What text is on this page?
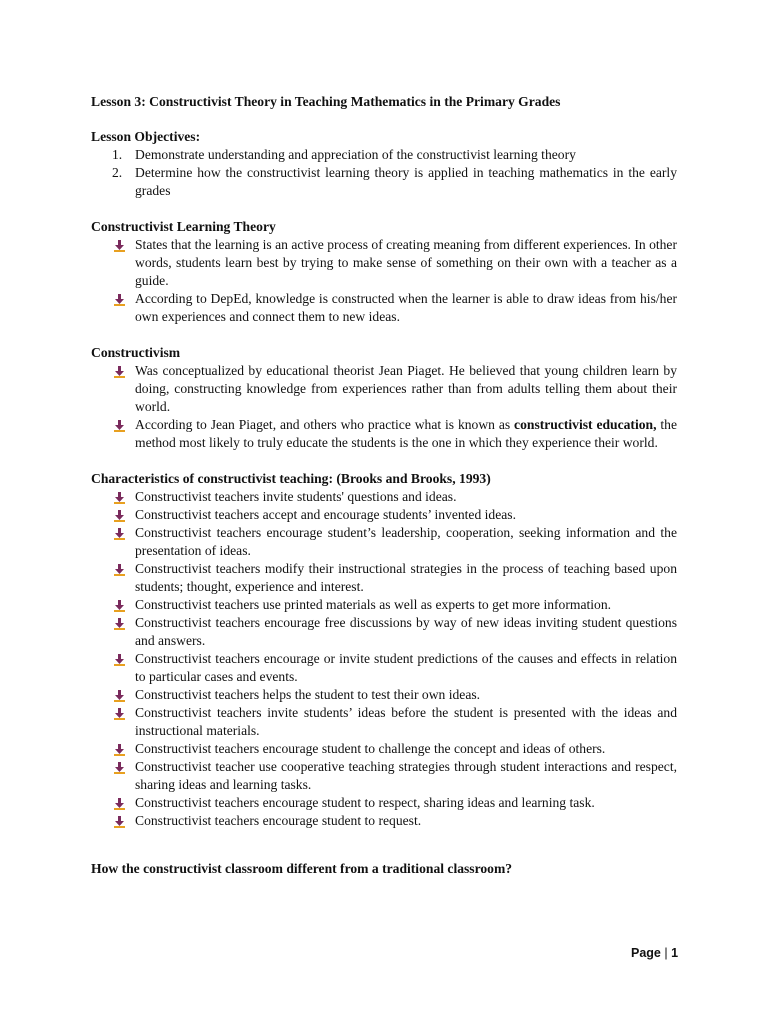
Lesson 3: Constructivist Theory in Teaching Mathematics in the Primary Grades

Lesson Objectives:

1. Demonstrate understanding and appreciation of the constructivist learning theory
2. Determine how the constructivist learning theory is applied in teaching mathematics in the early grades

Constructivist Learning Theory

States that the learning is an active process of creating meaning from different experiences. In other words, students learn best by trying to make sense of something on their own with a teacher as a guide.
According to DepEd, knowledge is constructed when the learner is able to draw ideas from his/her own experiences and connect them to new ideas.

Constructivism

Was conceptualized by educational theorist Jean Piaget. He believed that young children learn by doing, constructing knowledge from experiences rather than from adults telling them about their world.
According to Jean Piaget, and others who practice what is known as constructivist education, the method most likely to truly educate the students is the one in which they experience their world.

Characteristics of constructivist teaching: (Brooks and Brooks, 1993)

Constructivist teachers invite students' questions and ideas.
Constructivist teachers accept and encourage students’ invented ideas.
Constructivist teachers encourage student’s leadership, cooperation, seeking information and the presentation of ideas.
Constructivist teachers modify their instructional strategies in the process of teaching based upon students; thought, experience and interest.
Constructivist teachers use printed materials as well as experts to get more information.
Constructivist teachers encourage free discussions by way of new ideas inviting student questions and answers.
Constructivist teachers encourage or invite student predictions of the causes and effects in relation to particular cases and events.
Constructivist teachers helps the student to test their own ideas.
Constructivist teachers invite students’ ideas before the student is presented with the ideas and instructional materials.
Constructivist teachers encourage student to challenge the concept and ideas of others.
Constructivist teacher use cooperative teaching strategies through student interactions and respect, sharing ideas and learning tasks.
Constructivist teachers encourage student to respect, sharing ideas and learning task.
Constructivist teachers encourage student to request.

How the constructivist classroom different from a traditional classroom?

Page | 1
